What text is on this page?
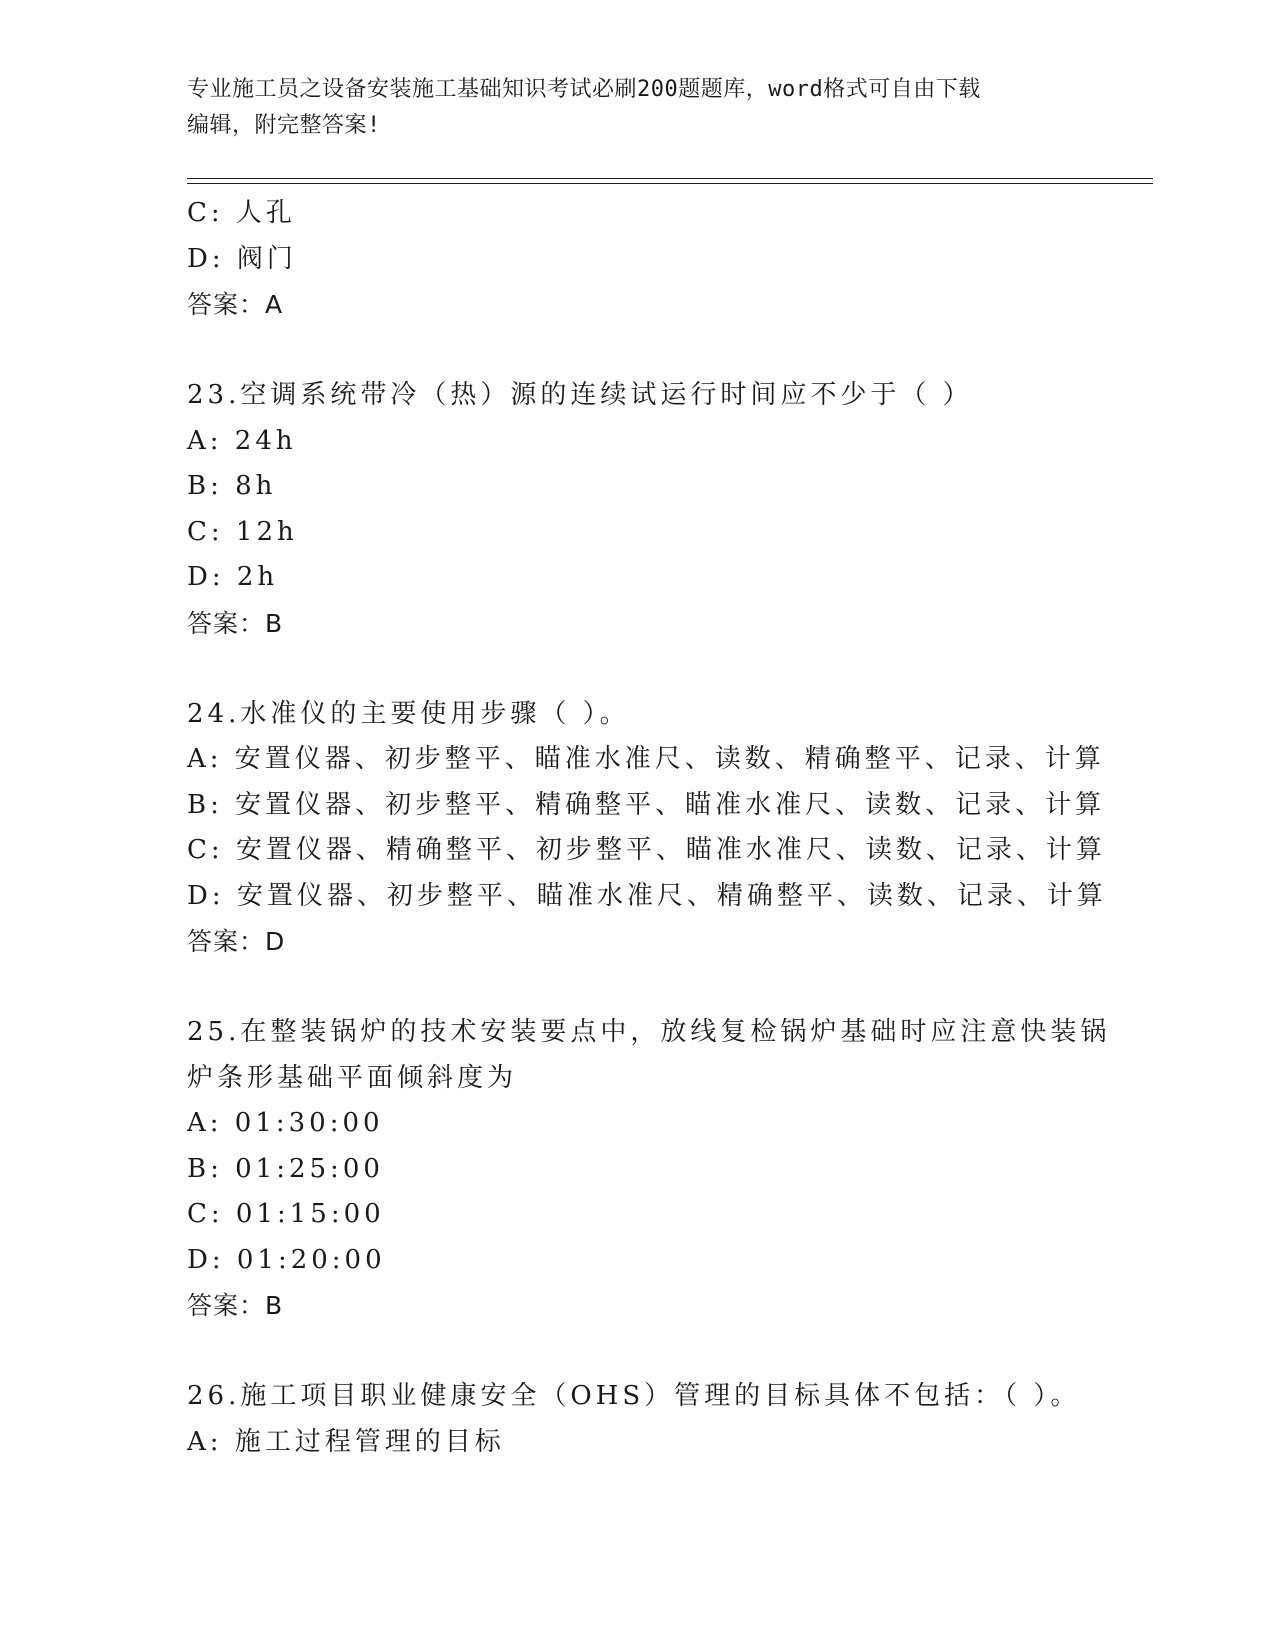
专业施工员之设备安装施工基础知识考试必刷200题题库，word格式可自由下载
编辑，附完整答案!
C: 人孔
D: 阀门
答案：A
23.空调系统带冷（热）源的连续试运行时间应不少于（ ）
A: 24h
B: 8h
C: 12h
D: 2h
答案：B
24.水准仪的主要使用步骤（ ）。
A: 安置仪器、初步整平、瞄准水准尺、读数、精确整平、记录、计算
B: 安置仪器、初步整平、精确整平、瞄准水准尺、读数、记录、计算
C: 安置仪器、精确整平、初步整平、瞄准水准尺、读数、记录、计算
D: 安置仪器、初步整平、瞄准水准尺、精确整平、读数、记录、计算
答案：D
25.在整装锅炉的技术安装要点中，放线复检锅炉基础时应注意快装锅
炉条形基础平面倾斜度为
A: 01:30:00
B: 01:25:00
C: 01:15:00
D: 01:20:00
答案：B
26.施工项目职业健康安全（OHS）管理的目标具体不包括：（ ）。
A: 施工过程管理的目标
